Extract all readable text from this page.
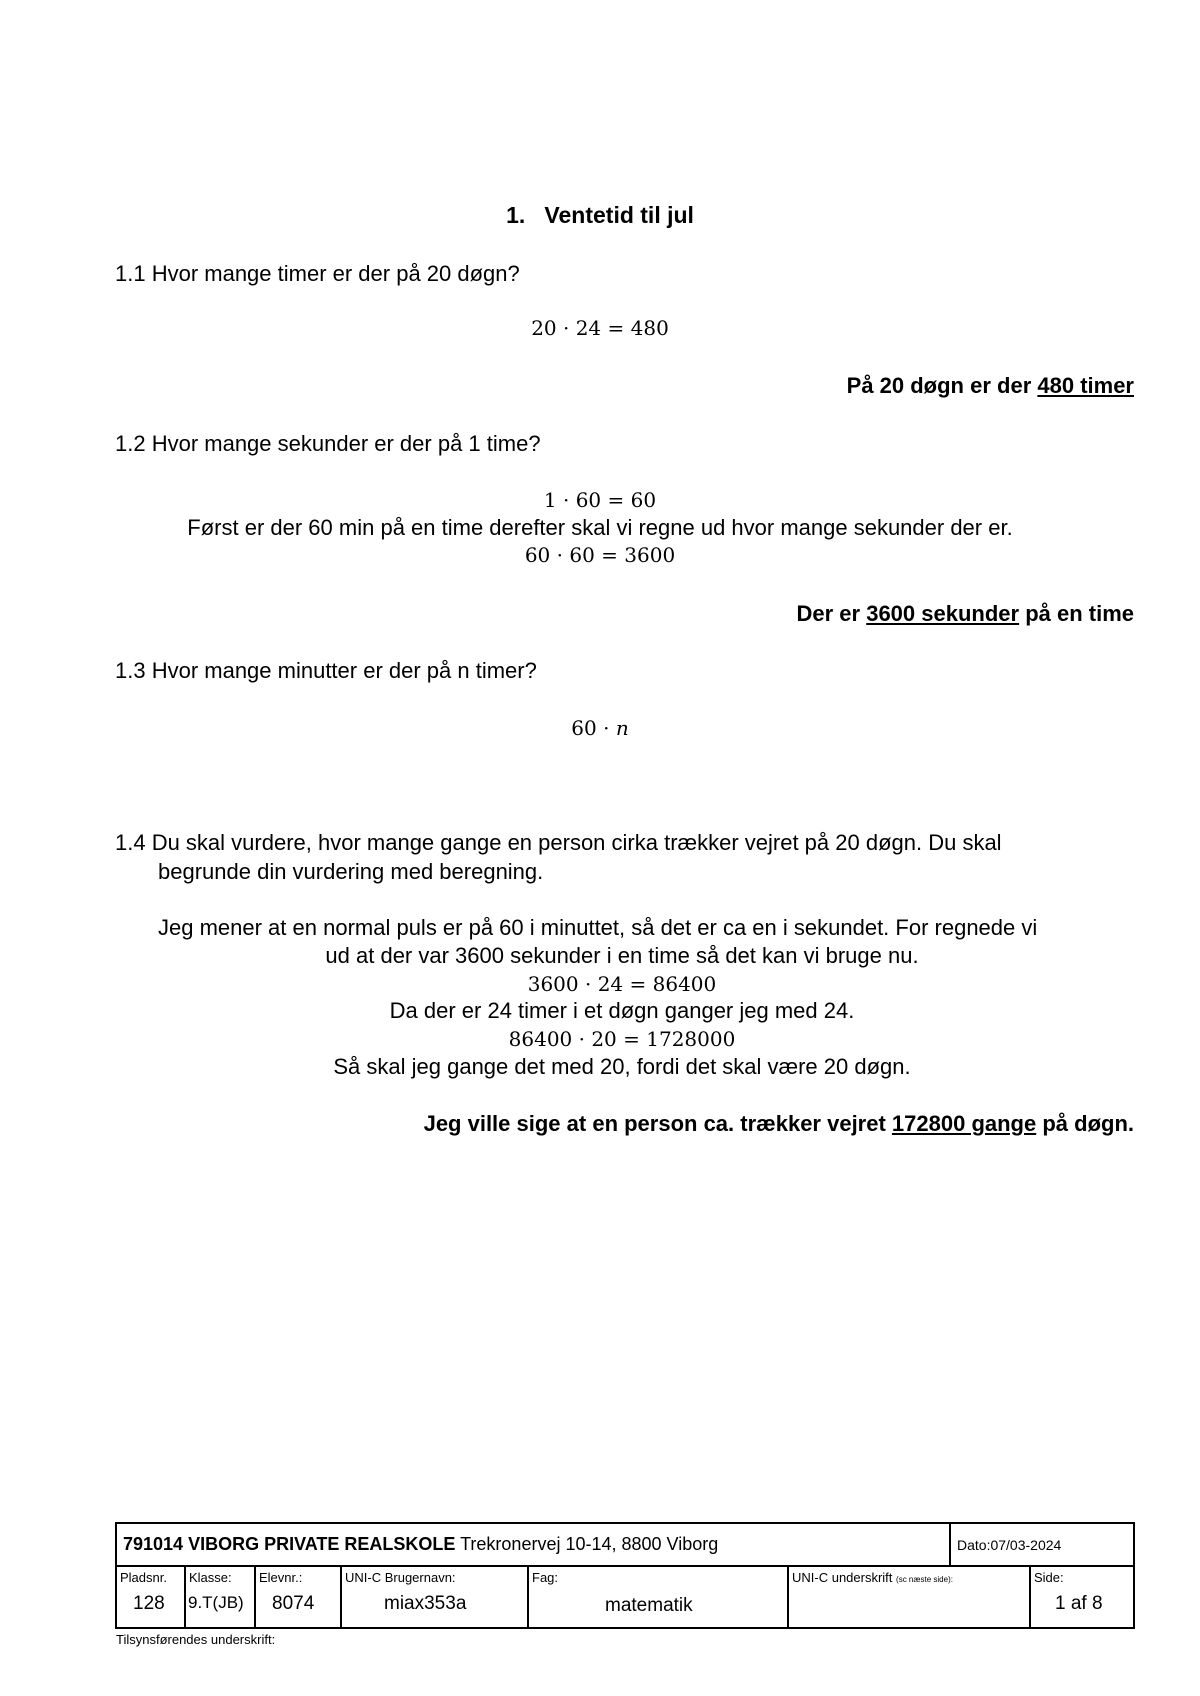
1. Ventetid til jul
1.1 Hvor mange timer er der på 20 døgn?
20 · 24 = 480
På 20 døgn er der 480 timer
1.2 Hvor mange sekunder er der på 1 time?
1 · 60 = 60
Først er der 60 min på en time derefter skal vi regne ud hvor mange sekunder der er.
60 · 60 = 3600
Der er 3600 sekunder på en time
1.3 Hvor mange minutter er der på n timer?
60 · n
1.4 Du skal vurdere, hvor mange gange en person cirka trækker vejret på 20 døgn. Du skal
begrunde din vurdering med beregning.
Jeg mener at en normal puls er på 60 i minuttet, så det er ca en i sekundet. For regnede vi
ud at der var 3600 sekunder i en time så det kan vi bruge nu.
3600 · 24 = 86400
Da der er 24 timer i et døgn ganger jeg med 24.
86400 · 20 = 1728000
Så skal jeg gange det med 20, fordi det skal være 20 døgn.
Jeg ville sige at en person ca. trækker vejret 172800 gange på døgn.
791014 VIBORG PRIVATE REALSKOLE Trekronervej 10-14, 8800 Viborg	Dato:07/03-2024
Pladsnr.
128
Klasse:
9.T(JB)
Elevnr.:
8074
UNI-C Brugernavn:
miax353a
Fag:
matematik
UNI-C underskrift (sc næste side):	Side:
1 af 8
Tilsynsførendes underskrift:
